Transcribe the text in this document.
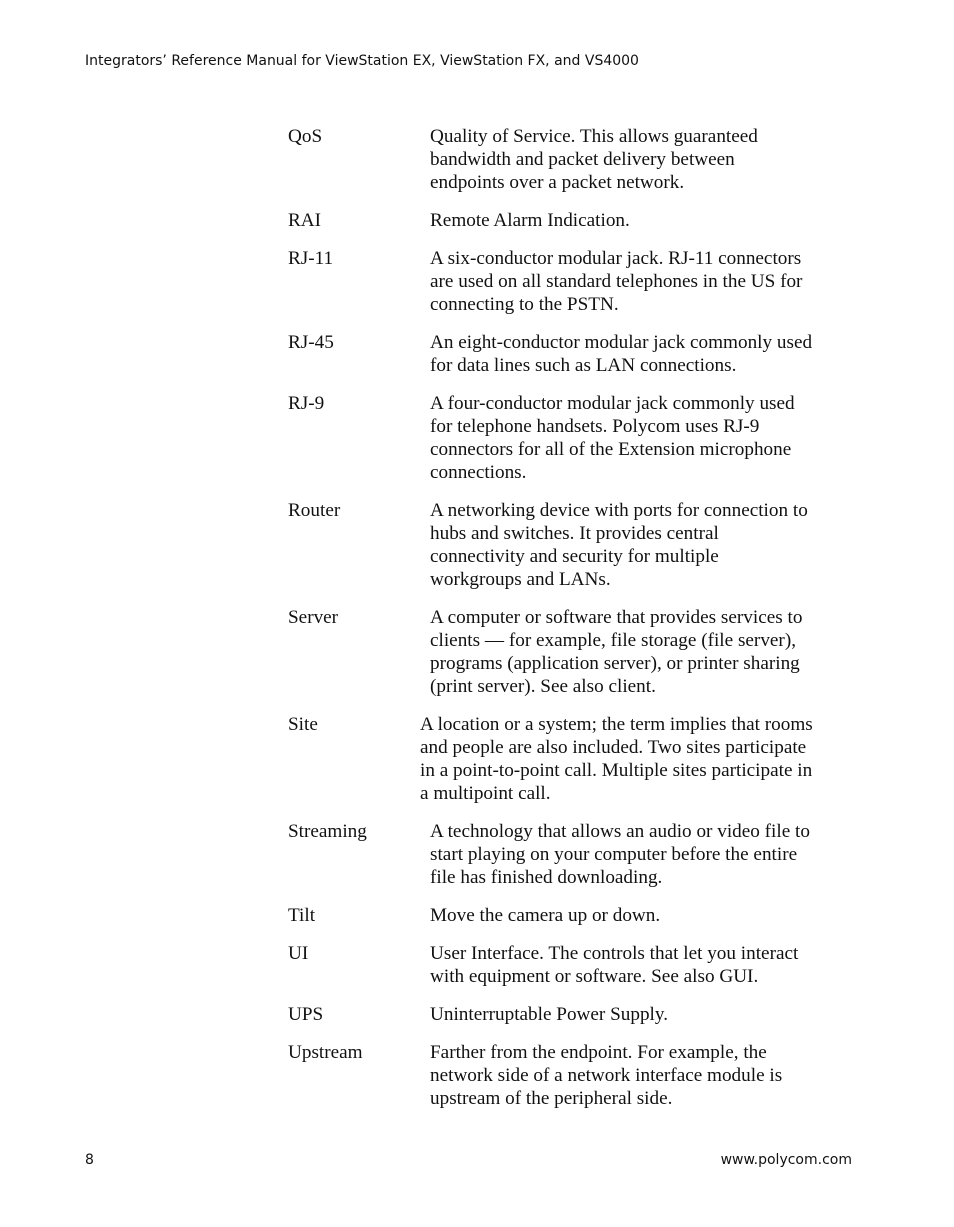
Integrators’ Reference Manual for ViewStation EX, ViewStation FX, and VS4000
QoS	Quality of Service. This allows guaranteed
bandwidth and packet delivery between
endpoints over a packet network.
RAI	Remote Alarm Indication.
RJ-11	A six-conductor modular jack. RJ-11 connectors
are used on all standard telephones in the US for
connecting to the PSTN.
RJ-45	An eight-conductor modular jack commonly used
for data lines such as LAN connections.
RJ-9	A four-conductor modular jack commonly used
for telephone handsets. Polycom uses RJ-9
connectors for all of the Extension microphone
connections.
Router	A networking device with ports for connection to
hubs and switches. It provides central
connectivity and security for multiple
workgroups and LANs.
Server	A computer or software that provides services to
clients — for example, file storage (file server),
programs (application server), or printer sharing
(print server). See also client.
Site	A location or a system; the term implies that rooms
and people are also included. Two sites participate
in a point-to-point call. Multiple sites participate in
a multipoint call.
Streaming	A technology that allows an audio or video file to
start playing on your computer before the entire
file has finished downloading.
Tilt	Move the camera up or down.
UI	User Interface. The controls that let you interact
with equipment or software. See also GUI.
UPS	Uninterruptable Power Supply.
Upstream	Farther from the endpoint. For example, the
network side of a network interface module is
upstream of the peripheral side.
8	www.polycom.com
